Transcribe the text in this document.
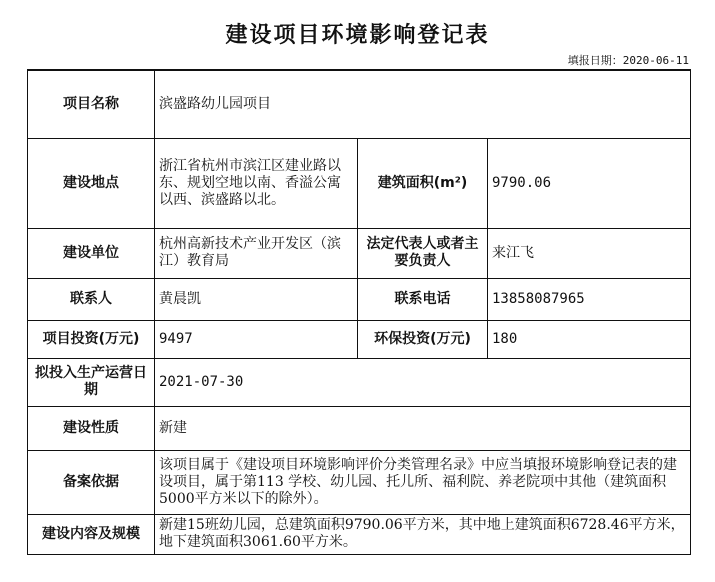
建设项目环境影响登记表
填报日期：2020-06-11
项目名称	滨盛路幼儿园项目		
建设地点	浙江省杭州市滨江区建业路以东、规划空地以南、香溢公寓以西、滨盛路以北。	建筑面积(m²)	9790.06
建设单位	杭州高新技术产业开发区（滨江）教育局	法定代表人或者主要负责人	来江飞
联系人	黄晨凯	联系电话	13858087965
项目投资(万元)	9497	环保投资(万元)	180
拟投入生产运营日期	2021-07-30		
建设性质	新建		
备案依据	该项目属于《建设项目环境影响评价分类管理名录》中应当填报环境影响登记表的建设项目，属于第113 学校、幼儿园、托儿所、福利院、养老院项中其他（建筑面积5000平方米以下的除外）。		
建设内容及规模	新建15班幼儿园，总建筑面积9790.06平方米，其中地上建筑面积6728.46平方米，地下建筑面积3061.60平方米。		
